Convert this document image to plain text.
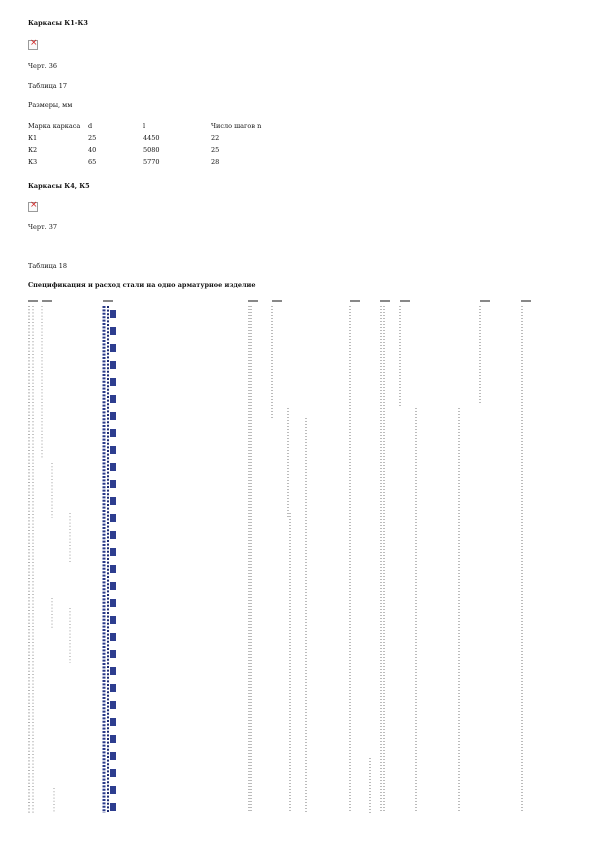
Каркасы К1-К3
×
Черт. 36
Таблица 17
Размеры, мм
Марка каркаса	d	l	Число шагов n
К1	25	4450	22
К2	40	5080	25
К3	65	5770	28
Каркасы К4, К5
×
Черт. 37
Таблица 18
Спецификация и расход стали на одно арматурное изделие
